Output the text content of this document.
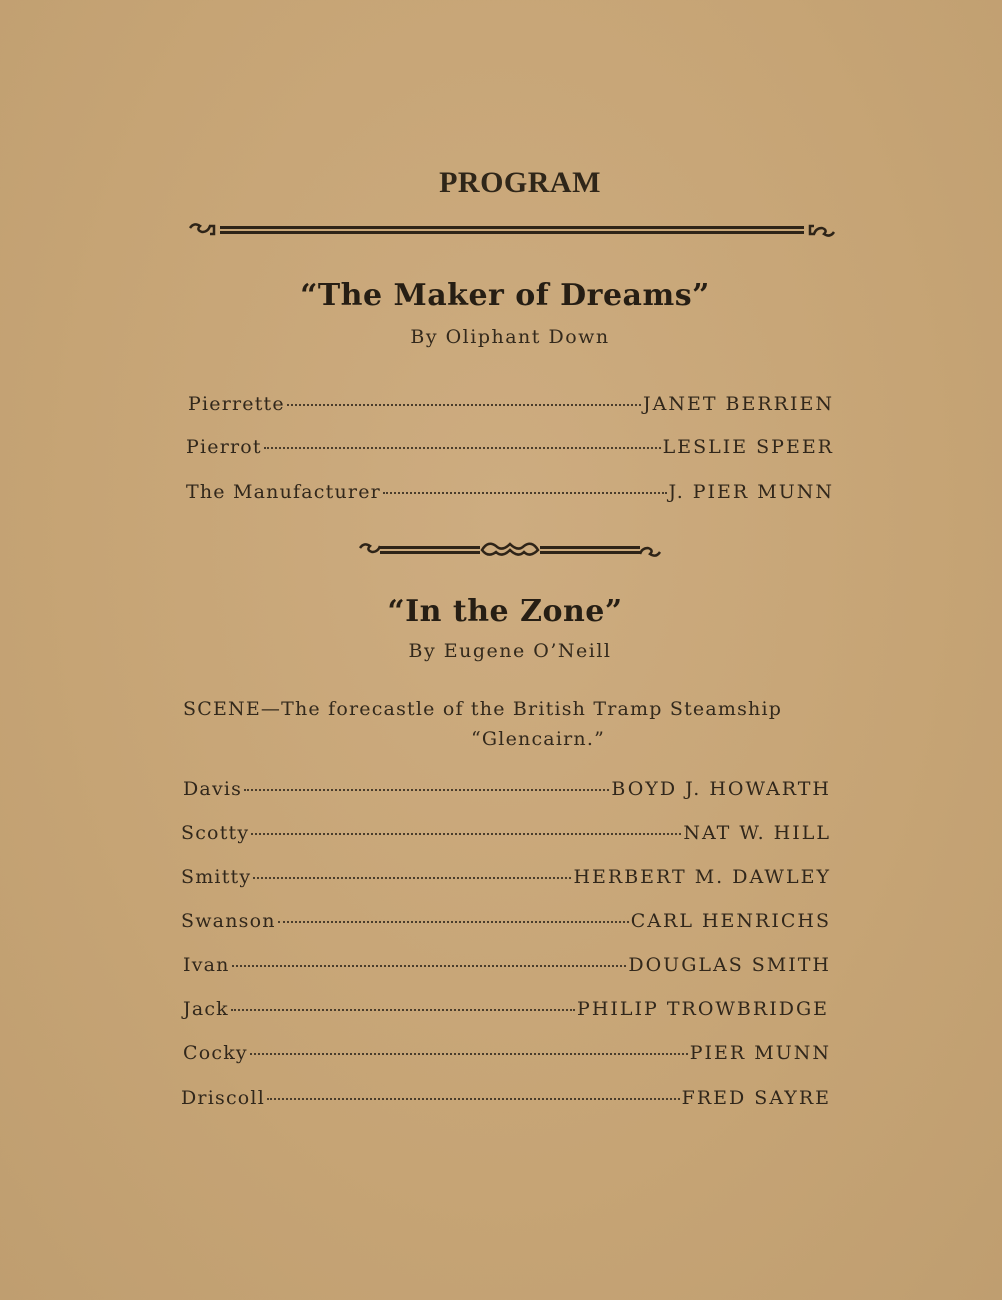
PROGRAM
“The Maker of Dreams”
By Oliphant Down
Pierrette	JANET BERRIEN
Pierrot	LESLIE SPEER
The Manufacturer	J. PIER MUNN
“In the Zone”
By Eugene O’Neill
SCENE—The forecastle of the British Tramp Steamship
“Glencairn.”
Davis	BOYD J. HOWARTH
Scotty	NAT W. HILL
Smitty	HERBERT M. DAWLEY
Swanson	CARL HENRICHS
Ivan	DOUGLAS SMITH
Jack	PHILIP TROWBRIDGE
Cocky	PIER MUNN
Driscoll	FRED SAYRE
